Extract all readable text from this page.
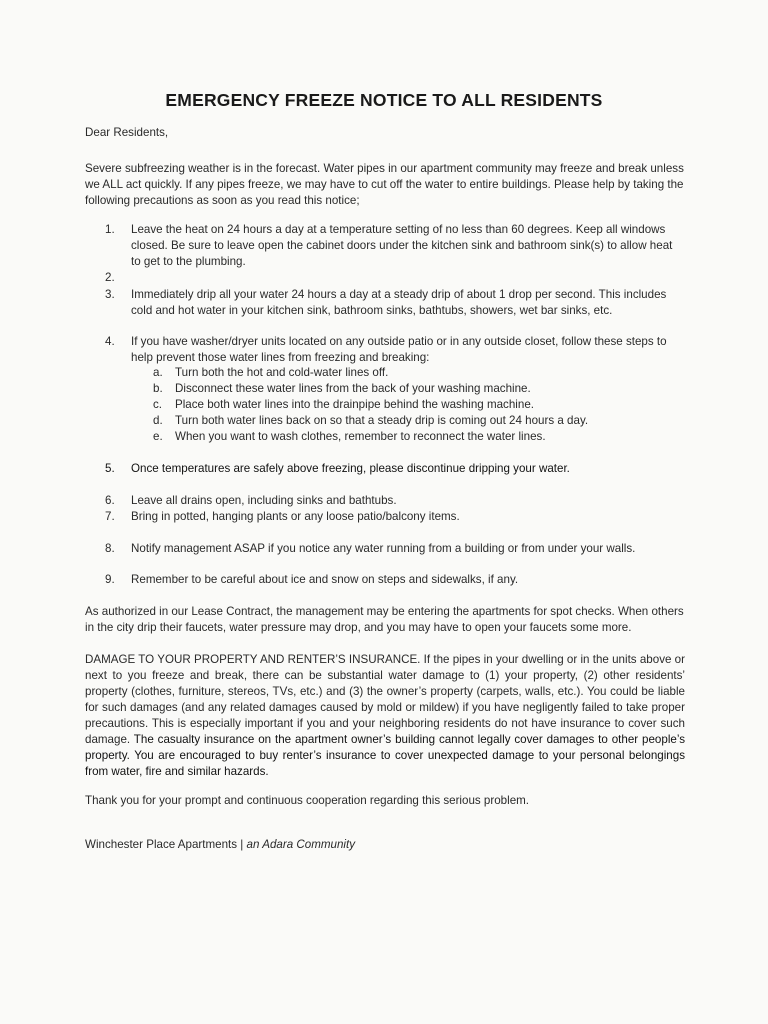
EMERGENCY FREEZE NOTICE TO ALL RESIDENTS
Dear Residents,
Severe subfreezing weather is in the forecast. Water pipes in our apartment community may freeze and break unless we ALL act quickly. If any pipes freeze, we may have to cut off the water to entire buildings. Please help by taking the following precautions as soon as you read this notice;
1. Leave the heat on 24 hours a day at a temperature setting of no less than 60 degrees. Keep all windows closed. Be sure to leave open the cabinet doors under the kitchen sink and bathroom sink(s) to allow heat to get to the plumbing.
2.
3. Immediately drip all your water 24 hours a day at a steady drip of about 1 drop per second. This includes cold and hot water in your kitchen sink, bathroom sinks, bathtubs, showers, wet bar sinks, etc.
4. If you have washer/dryer units located on any outside patio or in any outside closet, follow these steps to help prevent those water lines from freezing and breaking:
a. Turn both the hot and cold-water lines off.
b. Disconnect these water lines from the back of your washing machine.
c. Place both water lines into the drainpipe behind the washing machine.
d. Turn both water lines back on so that a steady drip is coming out 24 hours a day.
e. When you want to wash clothes, remember to reconnect the water lines.
5. Once temperatures are safely above freezing, please discontinue dripping your water.
6. Leave all drains open, including sinks and bathtubs.
7. Bring in potted, hanging plants or any loose patio/balcony items.
8. Notify management ASAP if you notice any water running from a building or from under your walls.
9. Remember to be careful about ice and snow on steps and sidewalks, if any.
As authorized in our Lease Contract, the management may be entering the apartments for spot checks. When others in the city drip their faucets, water pressure may drop, and you may have to open your faucets some more.
DAMAGE TO YOUR PROPERTY AND RENTER’S INSURANCE. If the pipes in your dwelling or in the units above or next to you freeze and break, there can be substantial water damage to (1) your property, (2) other residents’ property (clothes, furniture, stereos, TVs, etc.) and (3) the owner’s property (carpets, walls, etc.). You could be liable for such damages (and any related damages caused by mold or mildew) if you have negligently failed to take proper precautions. This is especially important if you and your neighboring residents do not have insurance to cover such damage. The casualty insurance on the apartment owner’s building cannot legally cover damages to other people’s property. You are encouraged to buy renter’s insurance to cover unexpected damage to your personal belongings from water, fire and similar hazards.
Thank you for your prompt and continuous cooperation regarding this serious problem.
Winchester Place Apartments | an Adara Community
